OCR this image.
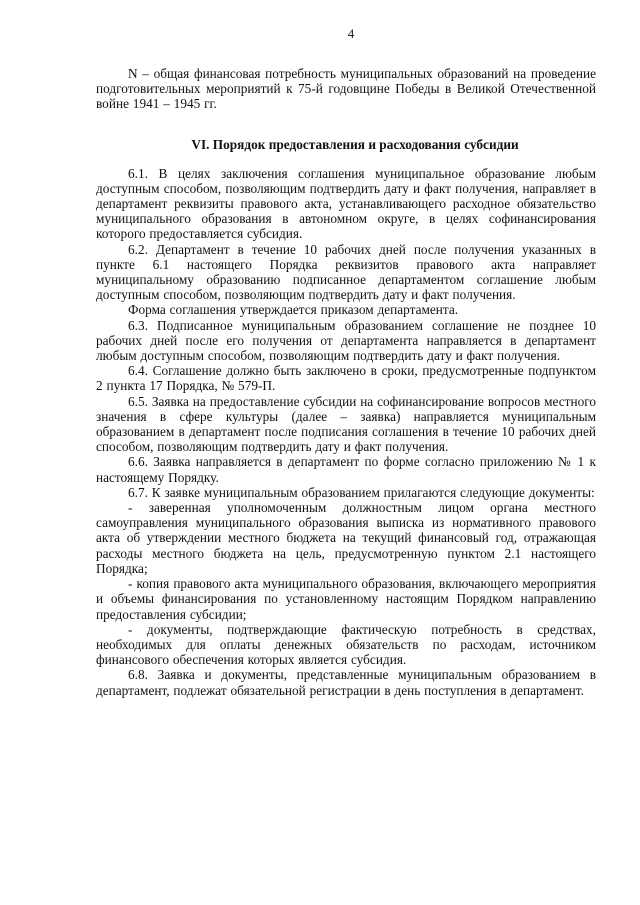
4

N – общая финансовая потребность муниципальных образований на проведение подготовительных мероприятий к 75-й годовщине Победы в Великой Отечественной войне 1941 – 1945 гг.

VI. Порядок предоставления и расходования субсидии

6.1. В целях заключения соглашения муниципальное образование любым доступным способом, позволяющим подтвердить дату и факт получения, направляет в департамент реквизиты правового акта, устанавливающего расходное обязательство муниципального образования в автономном округе, в целях софинансирования которого предоставляется субсидия.

6.2. Департамент в течение 10 рабочих дней после получения указанных в пункте 6.1 настоящего Порядка реквизитов правового акта направляет муниципальному образованию подписанное департаментом соглашение любым доступным способом, позволяющим подтвердить дату и факт получения.

Форма соглашения утверждается приказом департамента.

6.3. Подписанное муниципальным образованием соглашение не позднее 10 рабочих дней после его получения от департамента направляется в департамент любым доступным способом, позволяющим подтвердить дату и факт получения.

6.4. Соглашение должно быть заключено в сроки, предусмотренные подпунктом 2 пункта 17 Порядка, № 579-П.

6.5. Заявка на предоставление субсидии на софинансирование вопросов местного значения в сфере культуры (далее – заявка) направляется муниципальным образованием в департамент после подписания соглашения в течение 10 рабочих дней способом, позволяющим подтвердить дату и факт получения.

6.6. Заявка направляется в департамент по форме согласно приложению № 1 к настоящему Порядку.

6.7. К заявке муниципальным образованием прилагаются следующие документы:

- заверенная уполномоченным должностным лицом органа местного самоуправления муниципального образования выписка из нормативного правового акта об утверждении местного бюджета на текущий финансовый год, отражающая расходы местного бюджета на цель, предусмотренную пунктом 2.1 настоящего Порядка;

- копия правового акта муниципального образования, включающего мероприятия и объемы финансирования по установленному настоящим Порядком направлению предоставления субсидии;

- документы, подтверждающие фактическую потребность в средствах, необходимых для оплаты денежных обязательств по расходам, источником финансового обеспечения которых является субсидия.

6.8. Заявка и документы, представленные муниципальным образованием в департамент, подлежат обязательной регистрации в день поступления в департамент.
